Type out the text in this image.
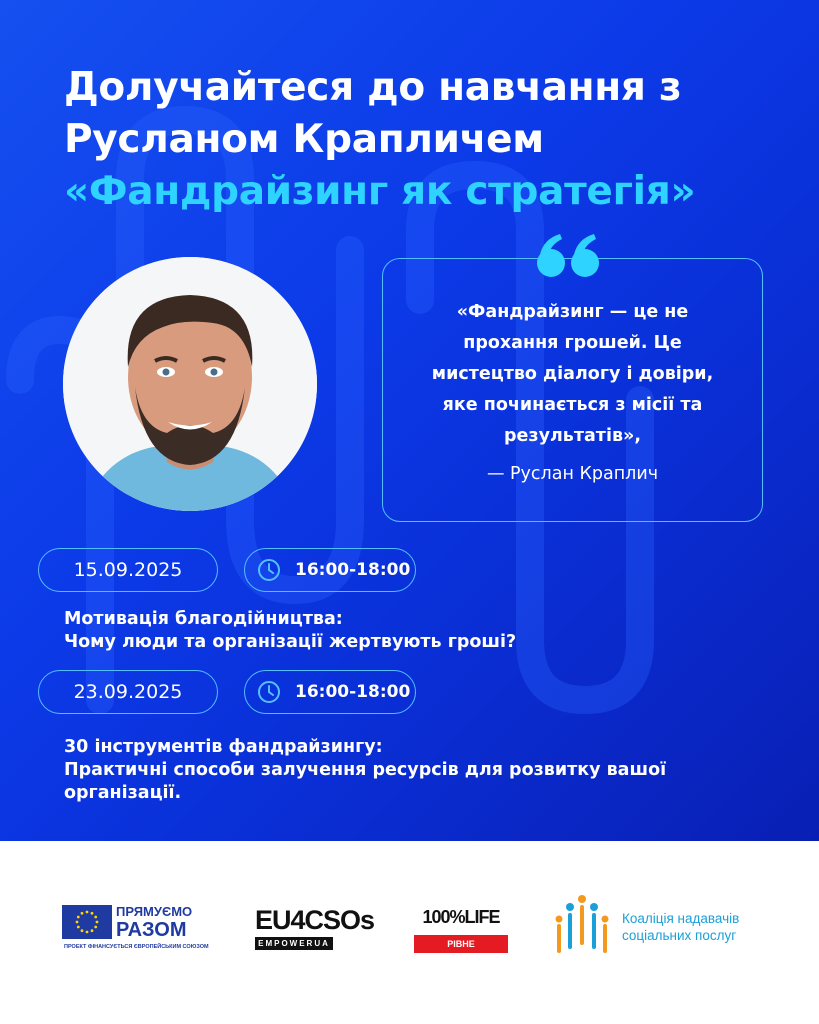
Долучайтеся до навчання з
Русланом Крапличем
«Фандрайзинг як стратегія»
«Фандрайзинг — це не
прохання грошей. Це
мистецтво діалогу і довіри,
яке починається з місії та
результатів»,
— Руслан Краплич
15.09.2025	16:00-18:00
Мотивація благодійництва:
Чому люди та організації жертвують гроші?
23.09.2025	16:00-18:00
30 інструментів фандрайзингу:
Практичні способи залучення ресурсів для розвитку вашої
організації.
ПРЯМУЄМО
РАЗОМ
ПРОЕКТ ФІНАНСУЄТЬСЯ ЄВРОПЕЙСЬКИМ СОЮЗОМ
EU4CSOs
EMPOWERUA
100%LIFE
РІВНЕ
Коаліція надавачів
соціальних послуг
